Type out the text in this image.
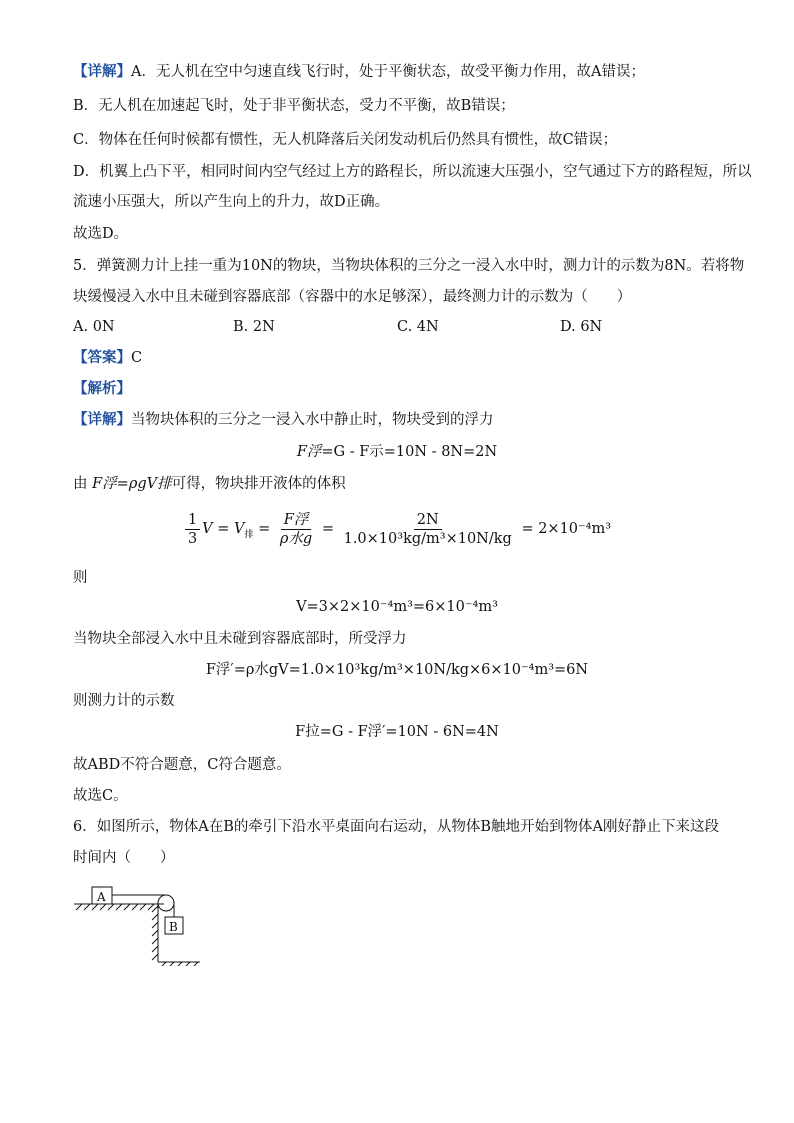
【详解】A．无人机在空中匀速直线飞行时，处于平衡状态，故受平衡力作用，故A错误；
B．无人机在加速起飞时，处于非平衡状态，受力不平衡，故B错误；
C．物体在任何时候都有惯性，无人机降落后关闭发动机后仍然具有惯性，故C错误；
D．机翼上凸下平，相同时间内空气经过上方的路程长，所以流速大压强小，空气通过下方的路程短，所以
流速小压强大，所以产生向上的升力，故D正确。
故选D。
5．弹簧测力计上挂一重为10N的物块，当物块体积的三分之一浸入水中时，测力计的示数为8N。若将物
块缓慢浸入水中且未碰到容器底部（容器中的水足够深），最终测力计的示数为（　　）
A. 0N	B. 2N	C. 4N	D. 6N
【答案】C
【解析】
【详解】当物块体积的三分之一浸入水中静止时，物块受到的浮力
F浮=G - F示=10N - 8N=2N
由 F浮=ρgV排可得，物块排开液体的体积
$\frac{1}{3}$ $V = V_排 = \frac{\text{F浮}}{\text{ρ水g}} = \frac{2N}{\text{1.0×10³kg/m³×10N/kg}} = 2\times 10^{-4}m^3$
则
V=3×2×10⁻⁴m³=6×10⁻⁴m³
当物块全部浸入水中且未碰到容器底部时，所受浮力
F浮′=ρ水gV=1.0×10³kg/m³×10N/kg×6×10⁻⁴m³=6N
则测力计的示数
F拉=G - F浮′=10N - 6N=4N
故ABD不符合题意，C符合题意。
故选C。
6．如图所示，物体A在B的牵引下沿水平桌面向右运动，从物体B触地开始到物体A刚好静止下来这段
时间内（　　）
A
B
